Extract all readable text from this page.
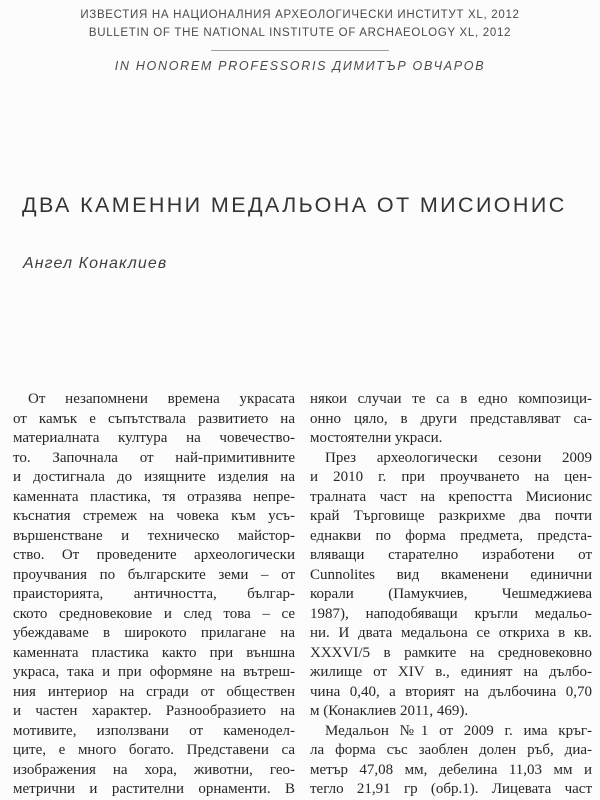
ИЗВЕСТИЯ НА НАЦИОНАЛНИЯ АРХЕОЛОГИЧЕСКИ ИНСТИТУТ XL, 2012
BULLETIN OF THE NATIONAL INSTITUTE OF ARCHAEOLOGY XL, 2012
IN HONOREM PROFESSORIS ДИМИТЪР ОВЧАРОВ
ДВА КАМЕННИ МЕДАЛЬОНА ОТ МИСИОНИС
Ангел Конаклиев
От незапомнени времена украсата
от камък е съпътствала развитието на
материалната култура на човечество-
то. Започнала от най-примитивните
и достигнала до изящните изделия на
каменната пластика, тя отразява непре-
къснатия стремеж на човека към усъ-
вършенстване и техническо майстор-
ство. От проведените археологически
проучвания по българските земи – от
праисторията, античността, българ-
ското средновековие и след това – се
убеждаваме в широкото прилагане на
каменната пластика както при външна
украса, така и при оформяне на вътреш-
ния интериор на сгради от обществен
и частен характер. Разнообразието на
мотивите, използвани от каменодел-
ците, е много богато. Представени са
изображения на хора, животни, гео-
метрични и растителни орнаменти. В
някои случаи те са в едно композици-
онно цяло, в други представляват са-
мостоятелни украси.
През археологически сезони 2009
и 2010 г. при проучването на цен-
тралната част на крепостта Мисионис
край Търговище разкрихме два почти
еднакви по форма предмета, предста-
вляващи старателно изработени от
Cunnolites вид вкаменени единични
корали (Памукчиев, Чешмеджиева
1987), наподобяващи кръгли медальо-
ни. И двата медальона се откриха в кв.
XXXVI/5 в рамките на средновековно
жилище от XIV в., единият на дълбо-
чина 0,40, а вторият на дълбочина 0,70
м (Конаклиев 2011, 469).
Медальон №1 от 2009 г. има кръг-
ла форма със заоблен долен ръб, диа-
метър 47,08 мм, дебелина 11,03 мм и
тегло 21,91 гр (обр.1). Лицевата част
